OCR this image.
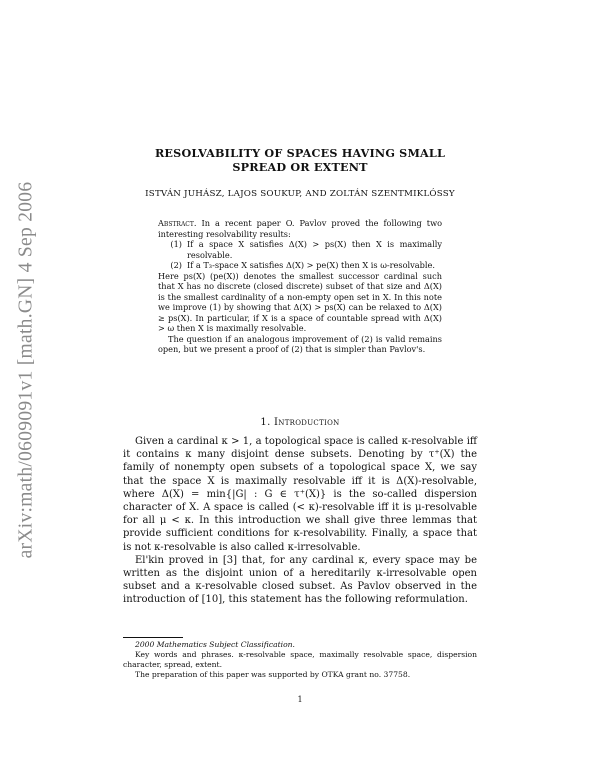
arXiv:math/0609091v1 [math.GN] 4 Sep 2006
RESOLVABILITY OF SPACES HAVING SMALL
SPREAD OR EXTENT
ISTVÁN JUHÁSZ, LAJOS SOUKUP, AND ZOLTÁN SZENTMIKLÓSSY

Abstract. In a recent paper O. Pavlov proved the following two interesting resolvability results:

(1) If a space X satisfies Δ(X) > ps(X) then X is maximally resolvable.
(2) If a T₃-space X satisfies Δ(X) > pe(X) then X is ω-resolvable.

Here ps(X) (pe(X)) denotes the smallest successor cardinal such that X has no discrete (closed discrete) subset of that size and Δ(X) is the smallest cardinality of a non-empty open set in X. In this note we improve (1) by showing that Δ(X) > ps(X) can be relaxed to Δ(X) ≥ ps(X). In particular, if X is a space of countable spread with Δ(X) > ω then X is maximally resolvable.

The question if an analogous improvement of (2) is valid remains open, but we present a proof of (2) that is simpler than Pavlov's.

1. Introduction

Given a cardinal κ > 1, a topological space is called κ-resolvable iff it contains κ many disjoint dense subsets. Denoting by τ⁺(X) the family of nonempty open subsets of a topological space X, we say that the space X is maximally resolvable iff it is Δ(X)-resolvable, where Δ(X) = min{|G| : G ∈ τ⁺(X)} is the so-called dispersion character of X. A space is called (< κ)-resolvable iff it is μ-resolvable for all μ < κ. In this introduction we shall give three lemmas that provide sufficient conditions for κ-resolvability. Finally, a space that is not κ-resolvable is also called κ-irresolvable.

El'kin proved in [3] that, for any cardinal κ, every space may be written as the disjoint union of a hereditarily κ-irresolvable open subset and a κ-resolvable closed subset. As Pavlov observed in the introduction of [10], this statement has the following reformulation.

2000 Mathematics Subject Classification.

Key words and phrases. κ-resolvable space, maximally resolvable space, dispersion character, spread, extent.

The preparation of this paper was supported by OTKA grant no. 37758.

1
